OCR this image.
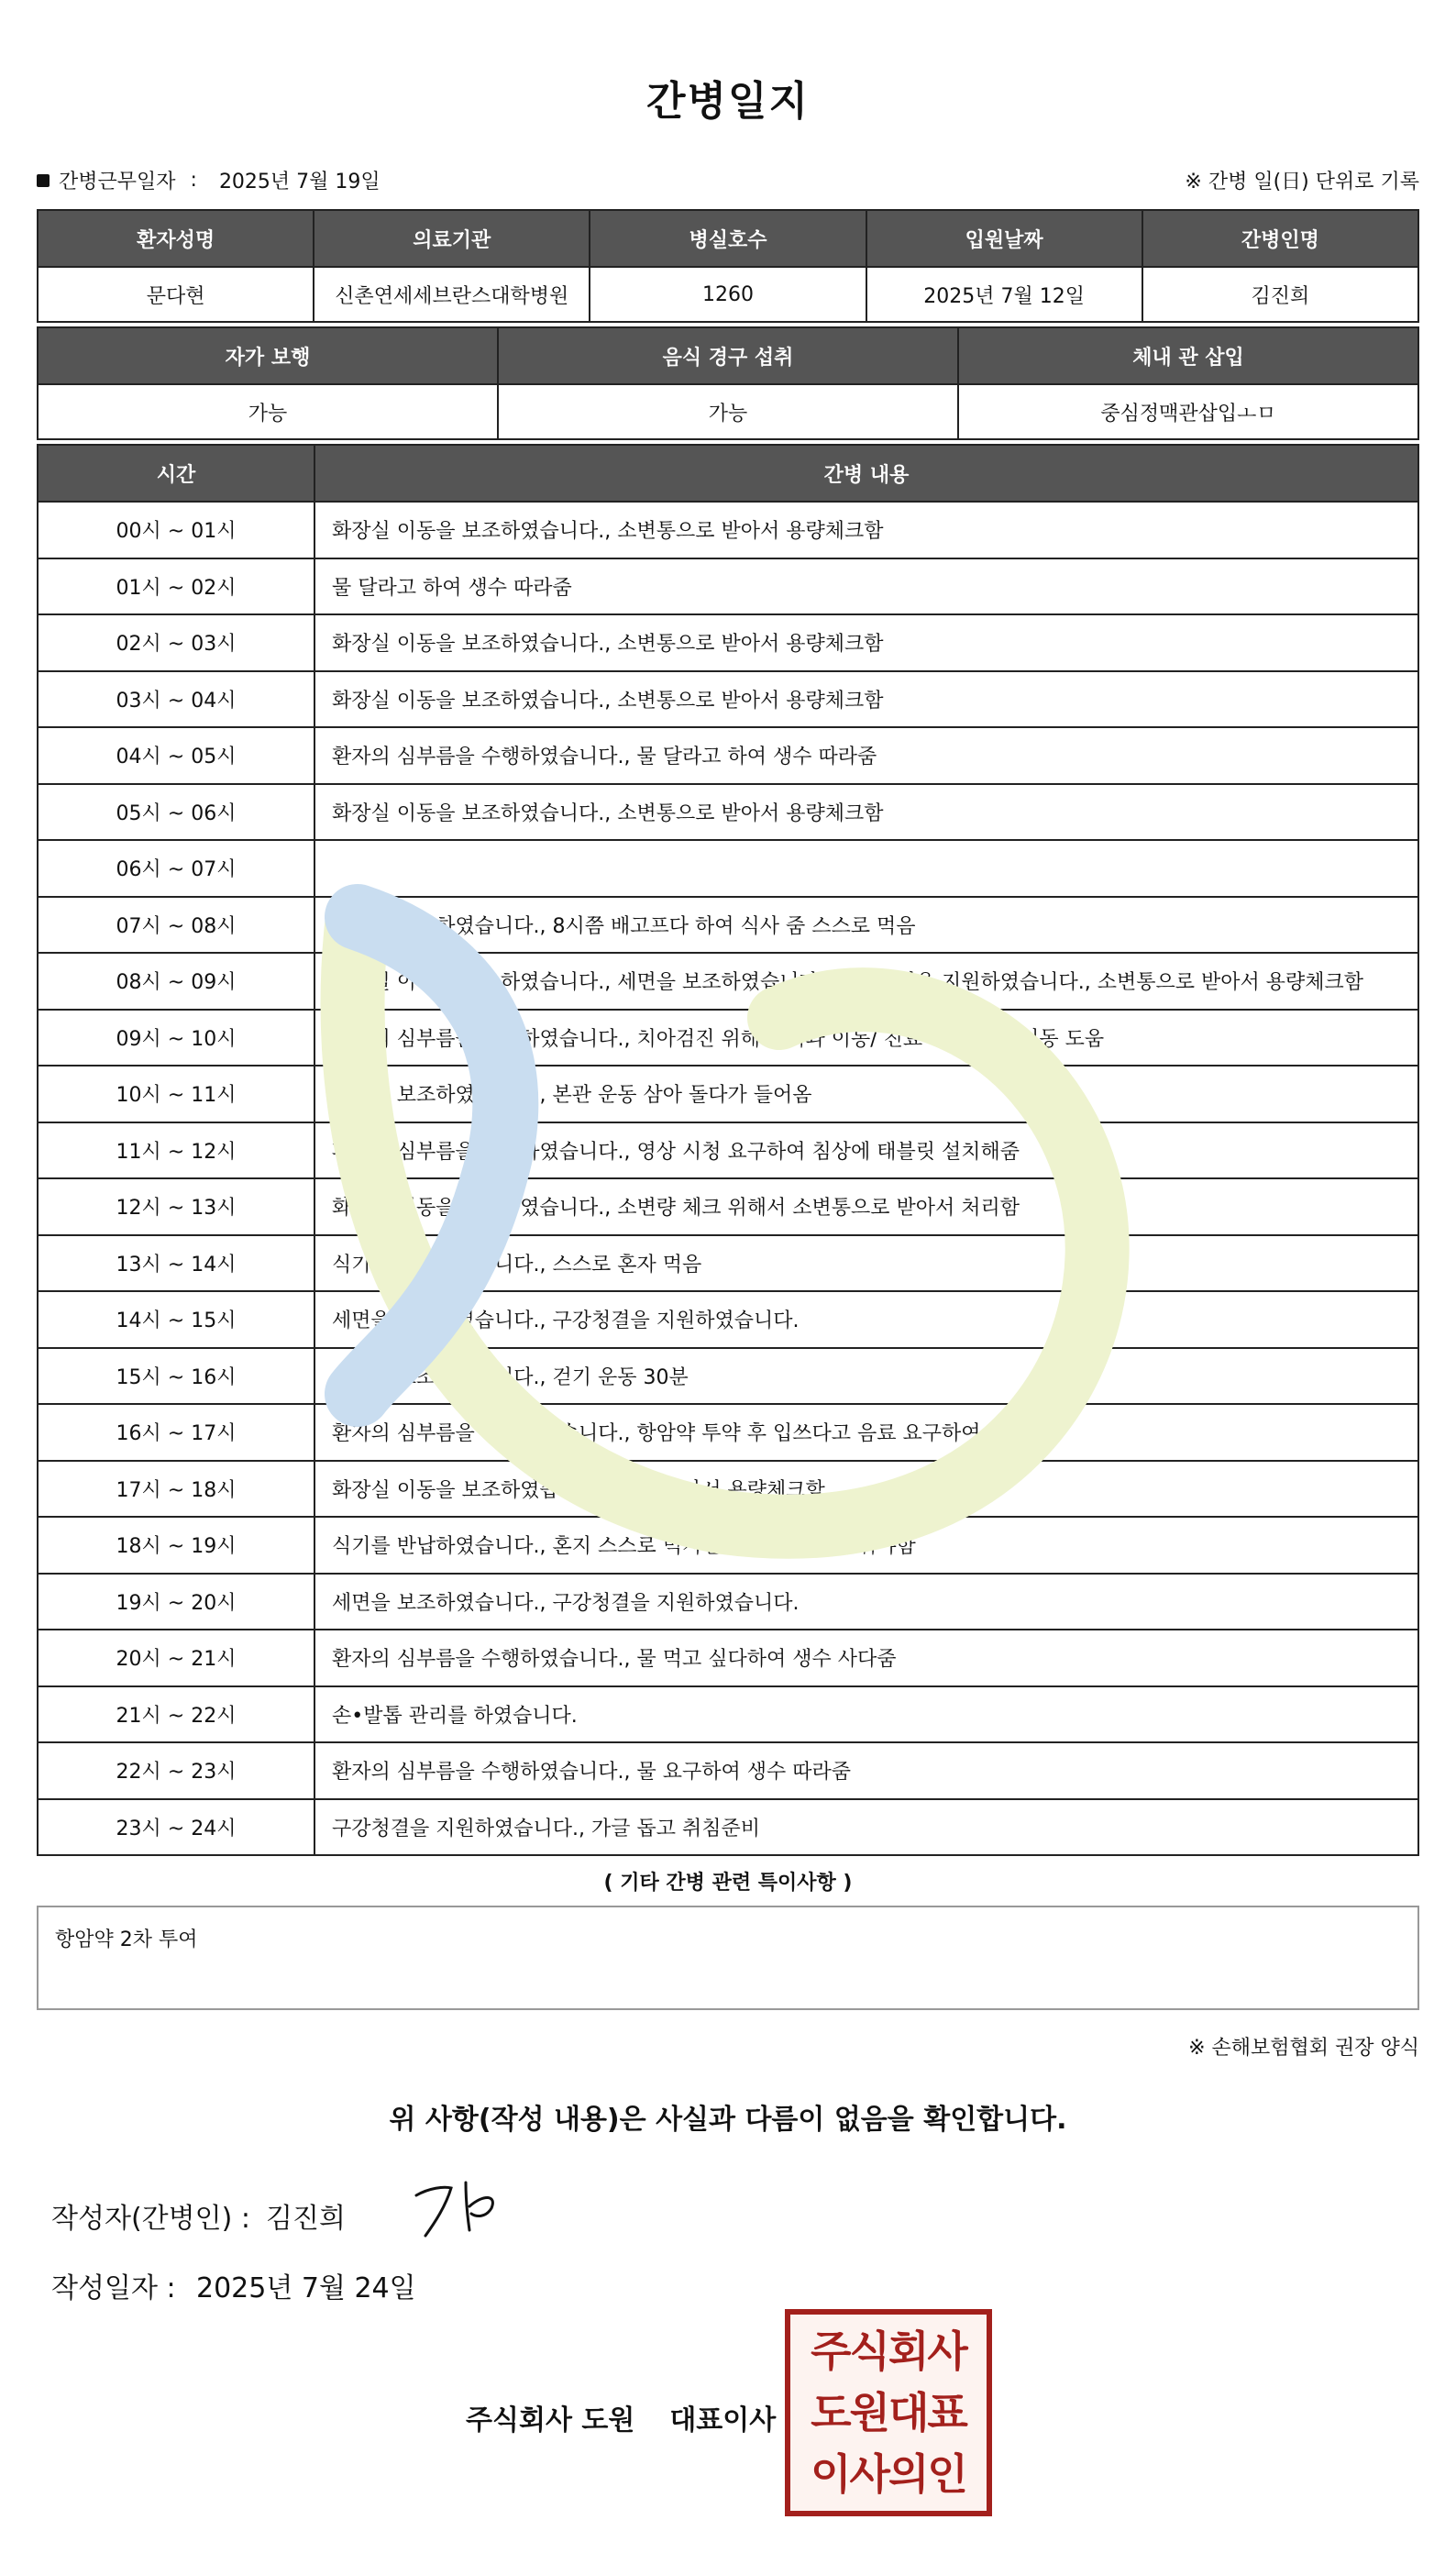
간병일지
간병근무일자 : 2025년 7월 19일	※ 간병 일(日) 단위로 기록
환자성명	의료기관	병실호수	입원날짜	간병인명
문다현	신촌연세세브란스대학병원	1260	2025년 7월 12일	김진희
자가 보행	음식 경구 섭취	체내 관 삽입
가능	가능	중심정맥관삽입ㅗㅁ
시간	간병 내용
00시 ~ 01시	화장실 이동을 보조하였습니다., 소변통으로 받아서 용량체크함
01시 ~ 02시	물 달라고 하여 생수 따라줌
02시 ~ 03시	화장실 이동을 보조하였습니다., 소변통으로 받아서 용량체크함
03시 ~ 04시	화장실 이동을 보조하였습니다., 소변통으로 받아서 용량체크함
04시 ~ 05시	환자의 심부름을 수행하였습니다., 물 달라고 하여 생수 따라줌
05시 ~ 06시	화장실 이동을 보조하였습니다., 소변통으로 받아서 용량체크함
06시 ~ 07시	
07시 ~ 08시	식기를 반납하였습니다., 8시쯤 배고프다 하여 식사 줌 스스로 먹음
08시 ~ 09시	화장실 이동을 보조하였습니다., 세면을 보조하였습니다., 구강청결을 지원하였습니다., 소변통으로 받아서 용량체크함
09시 ~ 10시	환자의 심부름을 수행하였습니다., 치아검진 위해서 치과 이동/ 진료 후 병실로 이동 도움
10시 ~ 11시	산책을 보조하였습니다., 본관 운동 삼아 돌다가 들어옴
11시 ~ 12시	환자의 심부름을 수행하였습니다., 영상 시청 요구하여 침상에 태블릿 설치해줌
12시 ~ 13시	화장실 이동을 보조하였습니다., 소변량 체크 위해서 소변통으로 받아서 처리함
13시 ~ 14시	식기를 반납하였습니다., 스스로 혼자 먹음
14시 ~ 15시	세면을 보조하였습니다., 구강청결을 지원하였습니다.
15시 ~ 16시	산책을 보조하였습니다., 걷기 운동 30분
16시 ~ 17시	환자의 심부름을 수행하였습니다., 항암약 투약 후 입쓰다고 음료 요구하여 챙겨줌
17시 ~ 18시	화장실 이동을 보조하였습니다., 소변 받아서 용량체크함
18시 ~ 19시	식기를 반납하였습니다., 혼지 스스로 먹지민 반찬은 잘라서 줘야함
19시 ~ 20시	세면을 보조하였습니다., 구강청결을 지원하였습니다.
20시 ~ 21시	환자의 심부름을 수행하였습니다., 물 먹고 싶다하여 생수 사다줌
21시 ~ 22시	손•발톱 관리를 하였습니다.
22시 ~ 23시	환자의 심부름을 수행하였습니다., 물 요구하여 생수 따라줌
23시 ~ 24시	구강청결을 지원하였습니다., 가글 돕고 취침준비
( 기타 간병 관련 특이사항 )
항암약 2차 투여
※ 손해보험협회 권장 양식
위 사항(작성 내용)은 사실과 다름이 없음을 확인합니다.
작성자(간병인) : 김진희
작성일자 : 2025년 7월 24일
주식회사 도원 대표이사
주식회사
도원대표
이사의인
